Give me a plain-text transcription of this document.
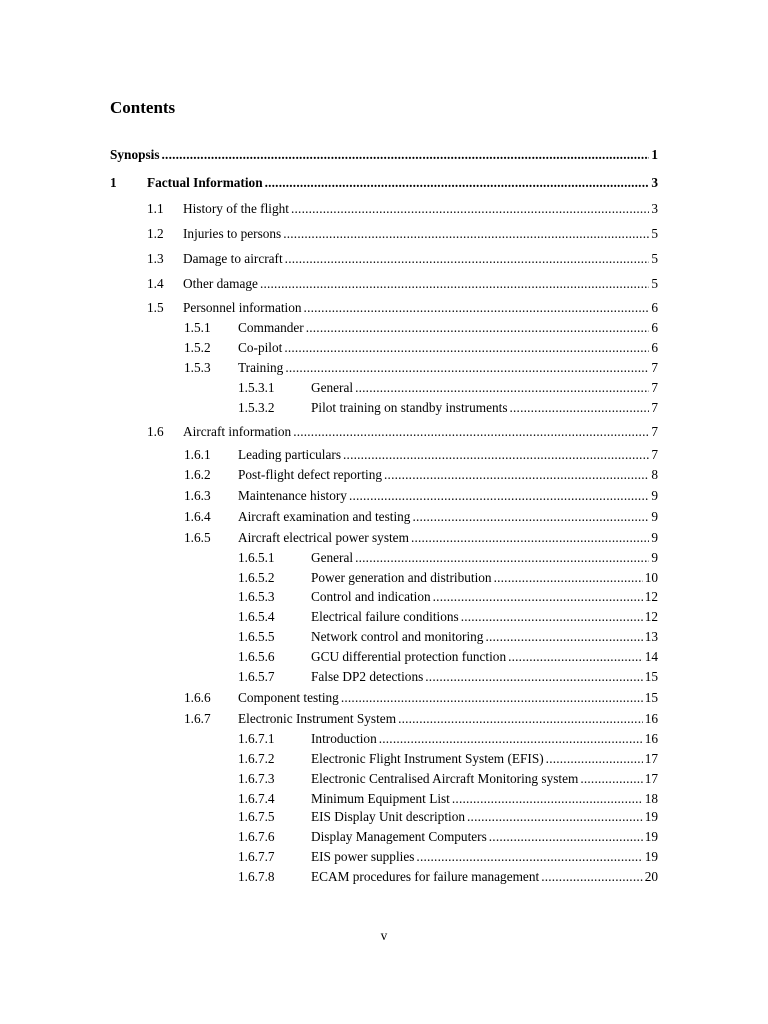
Contents
Synopsis .....	1
1	Factual Information .....	3
1.1	History of the flight .....	3
1.2	Injuries to persons .....	5
1.3	Damage to aircraft .....	5
1.4	Other damage .....	5
1.5	Personnel information .....	6
1.5.1	Commander .....	6
1.5.2	Co-pilot .....	6
1.5.3	Training .....	7
1.5.3.1	General .....	7
1.5.3.2	Pilot training on standby instruments .....	7
1.6	Aircraft information .....	7
1.6.1	Leading particulars .....	7
1.6.2	Post-flight defect reporting .....	8
1.6.3	Maintenance history .....	9
1.6.4	Aircraft examination and testing .....	9
1.6.5	Aircraft electrical power system .....	9
1.6.5.1	General .....	9
1.6.5.2	Power generation and distribution .....	10
1.6.5.3	Control and indication .....	12
1.6.5.4	Electrical failure conditions .....	12
1.6.5.5	Network control and monitoring .....	13
1.6.5.6	GCU differential protection function .....	14
1.6.5.7	False DP2 detections .....	15
1.6.6	Component testing .....	15
1.6.7	Electronic Instrument System .....	16
1.6.7.1	Introduction .....	16
1.6.7.2	Electronic Flight Instrument System (EFIS) .....	17
1.6.7.3	Electronic Centralised Aircraft Monitoring system .....	17
1.6.7.4	Minimum Equipment List .....	18
1.6.7.5	EIS Display Unit description .....	19
1.6.7.6	Display Management Computers .....	19
1.6.7.7	EIS power supplies .....	19
1.6.7.8	ECAM procedures for failure management .....	20
v
